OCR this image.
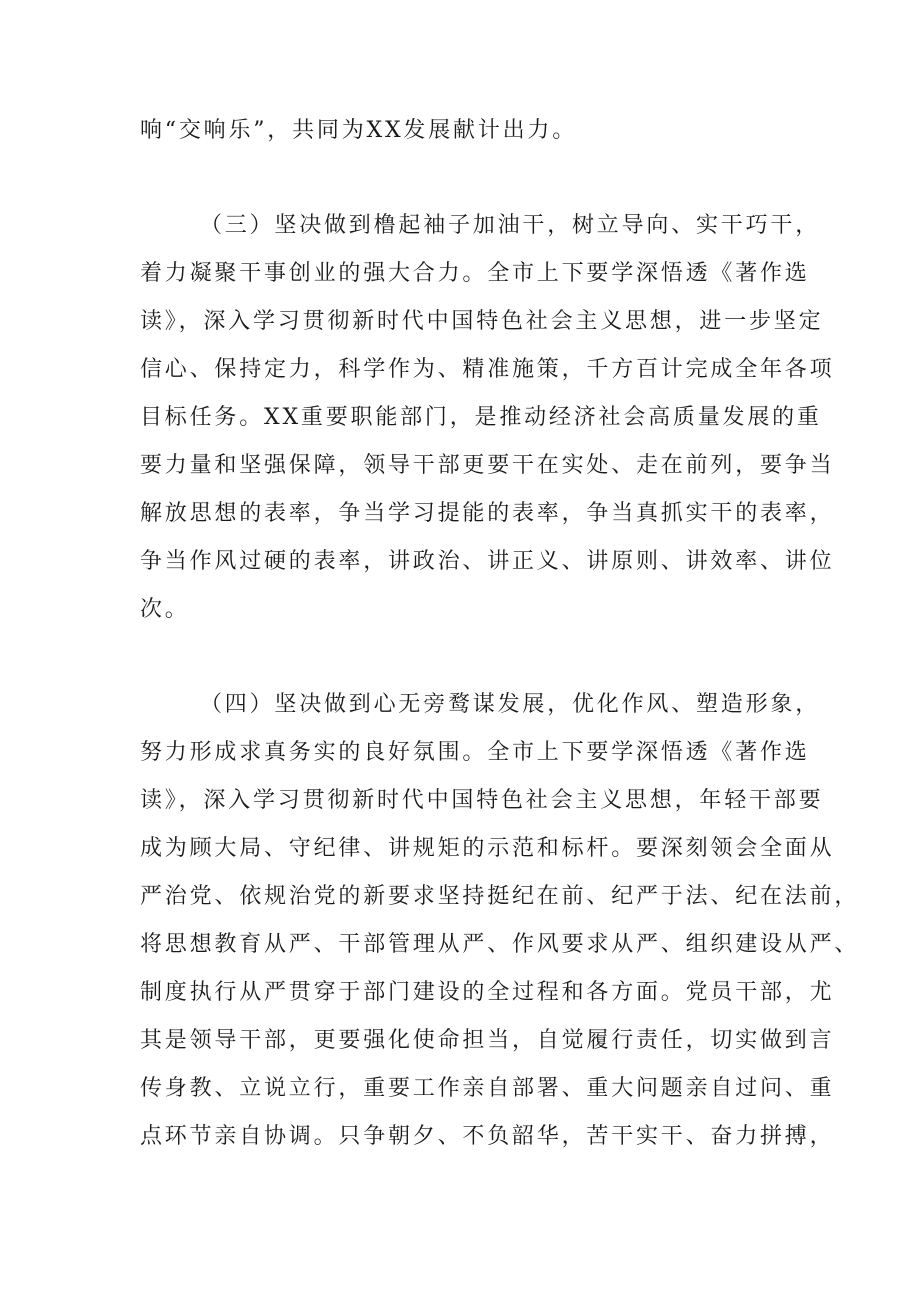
响“交响乐”，共同为XX发展献计出力。
（三）坚决做到橹起袖子加油干，树立导向、实干巧干，
着力凝聚干事创业的强大合力。全市上下要学深悟透《著作选
读》，深入学习贯彻新时代中国特色社会主义思想，进一步坚定
信心、保持定力，科学作为、精准施策，千方百计完成全年各项
目标任务。XX重要职能部门，是推动经济社会高质量发展的重
要力量和坚强保障，领导干部更要干在实处、走在前列，要争当
解放思想的表率，争当学习提能的表率，争当真抓实干的表率，
争当作风过硬的表率，讲政治、讲正义、讲原则、讲效率、讲位
次。
（四）坚决做到心无旁鹜谋发展，优化作风、塑造形象，
努力形成求真务实的良好氛围。全市上下要学深悟透《著作选
读》，深入学习贯彻新时代中国特色社会主义思想，年轻干部要
成为顾大局、守纪律、讲规矩的示范和标杆。要深刻领会全面从
严治党、依规治党的新要求坚持挺纪在前、纪严于法、纪在法前，
将思想教育从严、干部管理从严、作风要求从严、组织建设从严、
制度执行从严贯穿于部门建设的全过程和各方面。党员干部，尤
其是领导干部，更要强化使命担当，自觉履行责任，切实做到言
传身教、立说立行，重要工作亲自部署、重大问题亲自过问、重
点环节亲自协调。只争朝夕、不负韶华，苦干实干、奋力拼搏，
